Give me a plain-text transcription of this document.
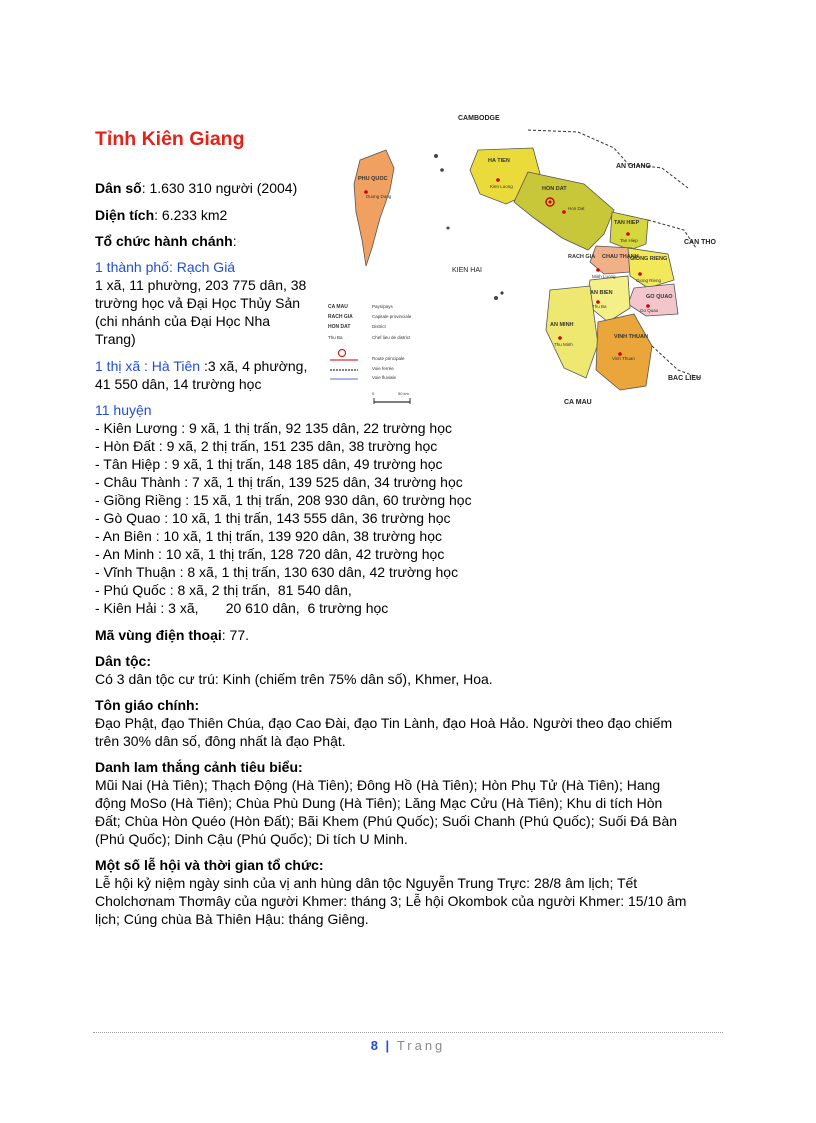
Tỉnh Kiên Giang
CAMBODGE
AN GIANG
CAN THO
BAC LIEU
CA MAU
KIEN HAI
HA TIEN
HON DAT
TAN HIEP
CHAU THANH
GIONG RIENG
GO QUAO
AN BIEN
AN MINH
VINH THUAN
PHU QUOC
RACH GIA
Kien Luong
Hon Dat
Tan Hiep
Minh Luong
Giong Rieng
Go Quao
Thu Ba
Thu Minh
Vinh Thuan
Duong Dong
CA MAU	Pays/pays
RACH GIA	Capitale provinciale
HON DAT	District
Thu Ba	Chef lieu de district
Route principale
Voie ferrée
Voie fluviale
0	50 km
Dân số: 1.630 310 người (2004)
Diện tích: 6.233 km2
Tổ chức hành chánh:
1 thành phố: Rạch Giá
1 xã, 11 phường, 203 775 dân, 38
trường học vả Đại Học Thủy Sản
(chi nhánh của Đại Học Nha
Trang)
1 thị xã : Hà Tiên :3 xã, 4 phường,
41 550 dân, 14 trường học
11 huyện
- Kiên Lương : 9 xã, 1 thị trấn, 92 135 dân, 22 trường học
- Hòn Đất : 9 xã, 2 thị trấn, 151 235 dân, 38 trường học
- Tân Hiệp : 9 xã, 1 thị trấn, 148 185 dân, 49 trường học
- Châu Thành : 7 xã, 1 thị trấn, 139 525 dân, 34 trường học
- Giồng Riềng : 15 xã, 1 thị trấn, 208 930 dân, 60 trường học
- Gò Quao : 10 xã, 1 thị trấn, 143 555 dân, 36 trường học
- An Biên : 10 xã, 1 thị trấn, 139 920 dân, 38 trường học
- An Minh : 10 xã, 1 thị trấn, 128 720 dân, 42 trường học
- Vĩnh Thuận : 8 xã, 1 thị trấn, 130 630 dân, 42 trường học
- Phú Quốc : 8 xã, 2 thị trấn,  81 540 dân,
- Kiên Hải : 3 xã,       20 610 dân,  6 trường học
Mã vùng điện thoại: 77.
Dân tộc:
Có 3 dân tộc cư trú: Kinh (chiếm trên 75% dân số), Khmer, Hoa.
Tôn giáo chính:
Đạo Phật, đạo Thiên Chúa, đạo Cao Đài, đạo Tin Lành, đạo Hoà Hảo. Người theo đạo chiếm
trên 30% dân số, đông nhất là đạo Phật.
Danh lam thắng cảnh tiêu biểu:
Mũi Nai (Hà Tiên); Thạch Động (Hà Tiên); Đông Hồ (Hà Tiên); Hòn Phụ Tử (Hà Tiên); Hang
động MoSo (Hà Tiên); Chùa Phù Dung (Hà Tiên); Lăng Mạc Cửu (Hà Tiên); Khu di tích Hòn
Đất; Chùa Hòn Quéo (Hòn Đất); Bãi Khem (Phú Quốc); Suối Chanh (Phú Quốc); Suối Đá Bàn
(Phú Quốc); Dinh Cậu (Phú Quốc); Di tích U Minh.
Một số lễ hội và thời gian tổ chức:
Lễ hội kỷ niệm ngày sinh của vị anh hùng dân tộc Nguyễn Trung Trực: 28/8 âm lịch; Tết
Cholchơnam Thơmây của người Khmer: tháng 3; Lễ hội Okombok của người Khmer: 15/10 âm
lịch; Cúng chùa Bà Thiên Hậu: tháng Giêng.
8 | Trang
